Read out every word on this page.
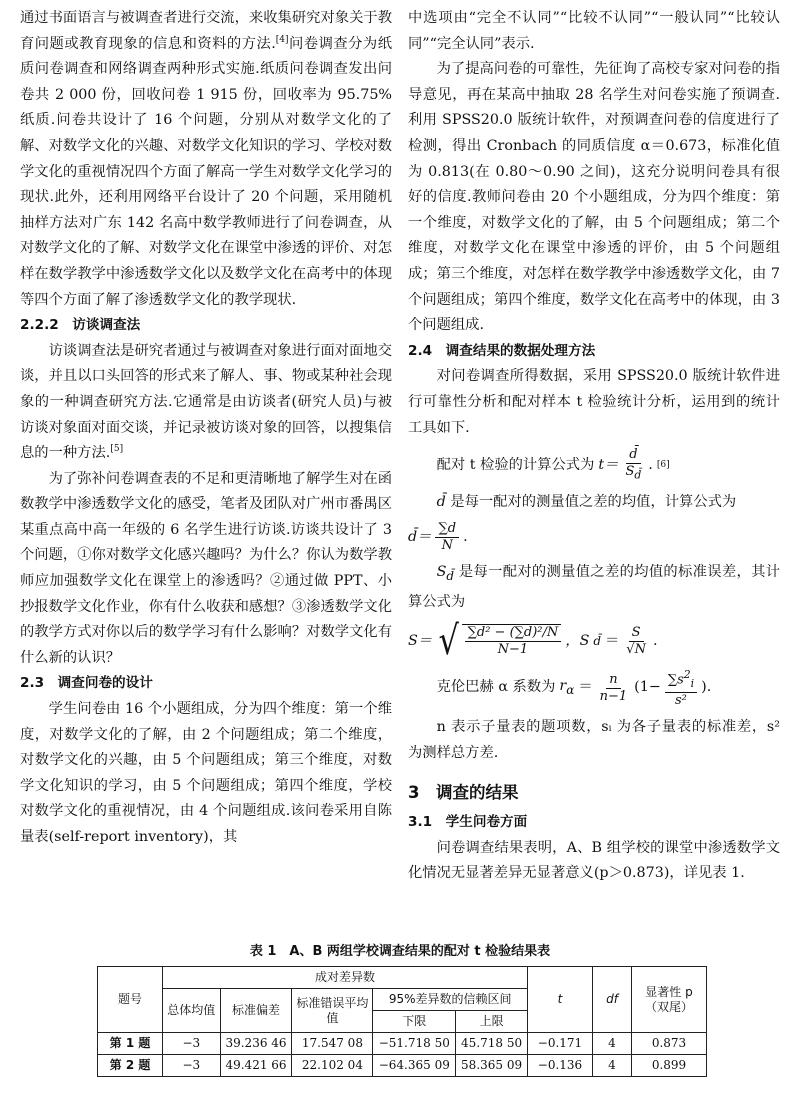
通过书面语言与被调查者进行交流，来收集研究对象关于教育问题或教育现象的信息和资料的方法.[4]问卷调查分为纸质问卷调查和网络调查两种形式实施.纸质问卷调查发出问卷共 2 000 份，回收问卷 1 915 份，回收率为 95.75%纸质.问卷共设计了 16 个问题，分别从对数学文化的了解、对数学文化的兴趣、对数学文化知识的学习、学校对数学文化的重视情况四个方面了解高一学生对数学文化学习的现状.此外，还利用网络平台设计了 20 个问题，采用随机抽样方法对广东 142 名高中数学教师进行了问卷调查，从对数学文化的了解、对数学文化在课堂中渗透的评价、对怎样在数学教学中渗透数学文化以及数学文化在高考中的体现等四个方面了解了渗透数学文化的教学现状.

2.2.2　访谈调查法

访谈调查法是研究者通过与被调查对象进行面对面地交谈，并且以口头回答的形式来了解人、事、物或某种社会现象的一种调查研究方法.它通常是由访谈者(研究人员)与被访谈对象面对面交谈，并记录被访谈对象的回答，以搜集信息的一种方法.[5]

为了弥补问卷调查表的不足和更清晰地了解学生对在函数教学中渗透数学文化的感受，笔者及团队对广州市番禺区某重点高中高一年级的 6 名学生进行访谈.访谈共设计了 3 个问题，①你对数学文化感兴趣吗？为什么？你认为数学教师应加强数学文化在课堂上的渗透吗？②通过做 PPT、小抄报数学文化作业，你有什么收获和感想？③渗透数学文化的教学方式对你以后的数学学习有什么影响？对数学文化有什么新的认识？

2.3　调查问卷的设计

学生问卷由 16 个小题组成，分为四个维度：第一个维度，对数学文化的了解，由 2 个问题组成；第二个维度，对数学文化的兴趣，由 5 个问题组成；第三个维度，对数学文化知识的学习，由 5 个问题组成；第四个维度，学校对数学文化的重视情况，由 4 个问题组成.该问卷采用自陈量表(self-report inventory)，其

中选项由“完全不认同”“比较不认同”“一般认同”“比较认同”“完全认同”表示.

为了提高问卷的可靠性，先征询了高校专家对问卷的指导意见，再在某高中抽取 28 名学生对问卷实施了预调查.利用 SPSS20.0 版统计软件，对预调查问卷的信度进行了检测，得出 Cronbach 的同质信度 α＝0.673，标准化值为 0.813(在 0.80～0.90 之间)，这充分说明问卷具有很好的信度.教师问卷由 20 个小题组成，分为四个维度：第一个维度，对数学文化的了解，由 5 个问题组成；第二个维度，对数学文化在课堂中渗透的评价，由 5 个问题组成；第三个维度，对怎样在数学教学中渗透数学文化，由 7 个问题组成；第四个维度，数学文化在高考中的体现，由 3 个问题组成.

2.4　调查结果的数据处理方法

对问卷调查所得数据，采用 SPSS20.0 版统计软件进行可靠性分析和配对样本 t 检验统计分析，运用到的统计工具如下.

配对 t 检验的计算公式为 $t= \frac{d̄}{S_{d̄}}$ . [6]

d̄ 是每一配对的测量值之差的均值，计算公式为

d̄＝ $\frac{\sum d}{N}$ .

$S_{d̄}$ 是每一配对的测量值之差的均值的标准误差，其计算公式为

S＝ √ $\frac{\text{∑d² − (∑d)²/N}}{N-1}$ ，S d̄ ＝ $\frac{S}{√N}$ .
克伦巴赫 α 系数为 $r_\alpha = \frac{n}{n-1} (1- \frac{\sum s^2_i}{\text{s²}}$ ).

n 表示子量表的题项数，sᵢ 为各子量表的标准差，s² 为测样总方差.

3　调查的结果

3.1　学生问卷方面

问卷调查结果表明，A、B 组学校的课堂中渗透数学文化情况无显著差异无显著意义(p＞0.873)，详见表 1.

表 1　A、B 两组学校调查结果的配对 t 检验结果表
题号	成对差异数					t	df	显著性 p（双尾）
	总体均值	标准偏差	标准错误平均值	95%差异数的信赖区间				
				下限	上限			
第 1 题	−3	39.236 46	17.547 08	−51.718 50	45.718 50	−0.171	4	0.873
第 2 题	−3	49.421 66	22.102 04	−64.365 09	58.365 09	−0.136	4	0.899
